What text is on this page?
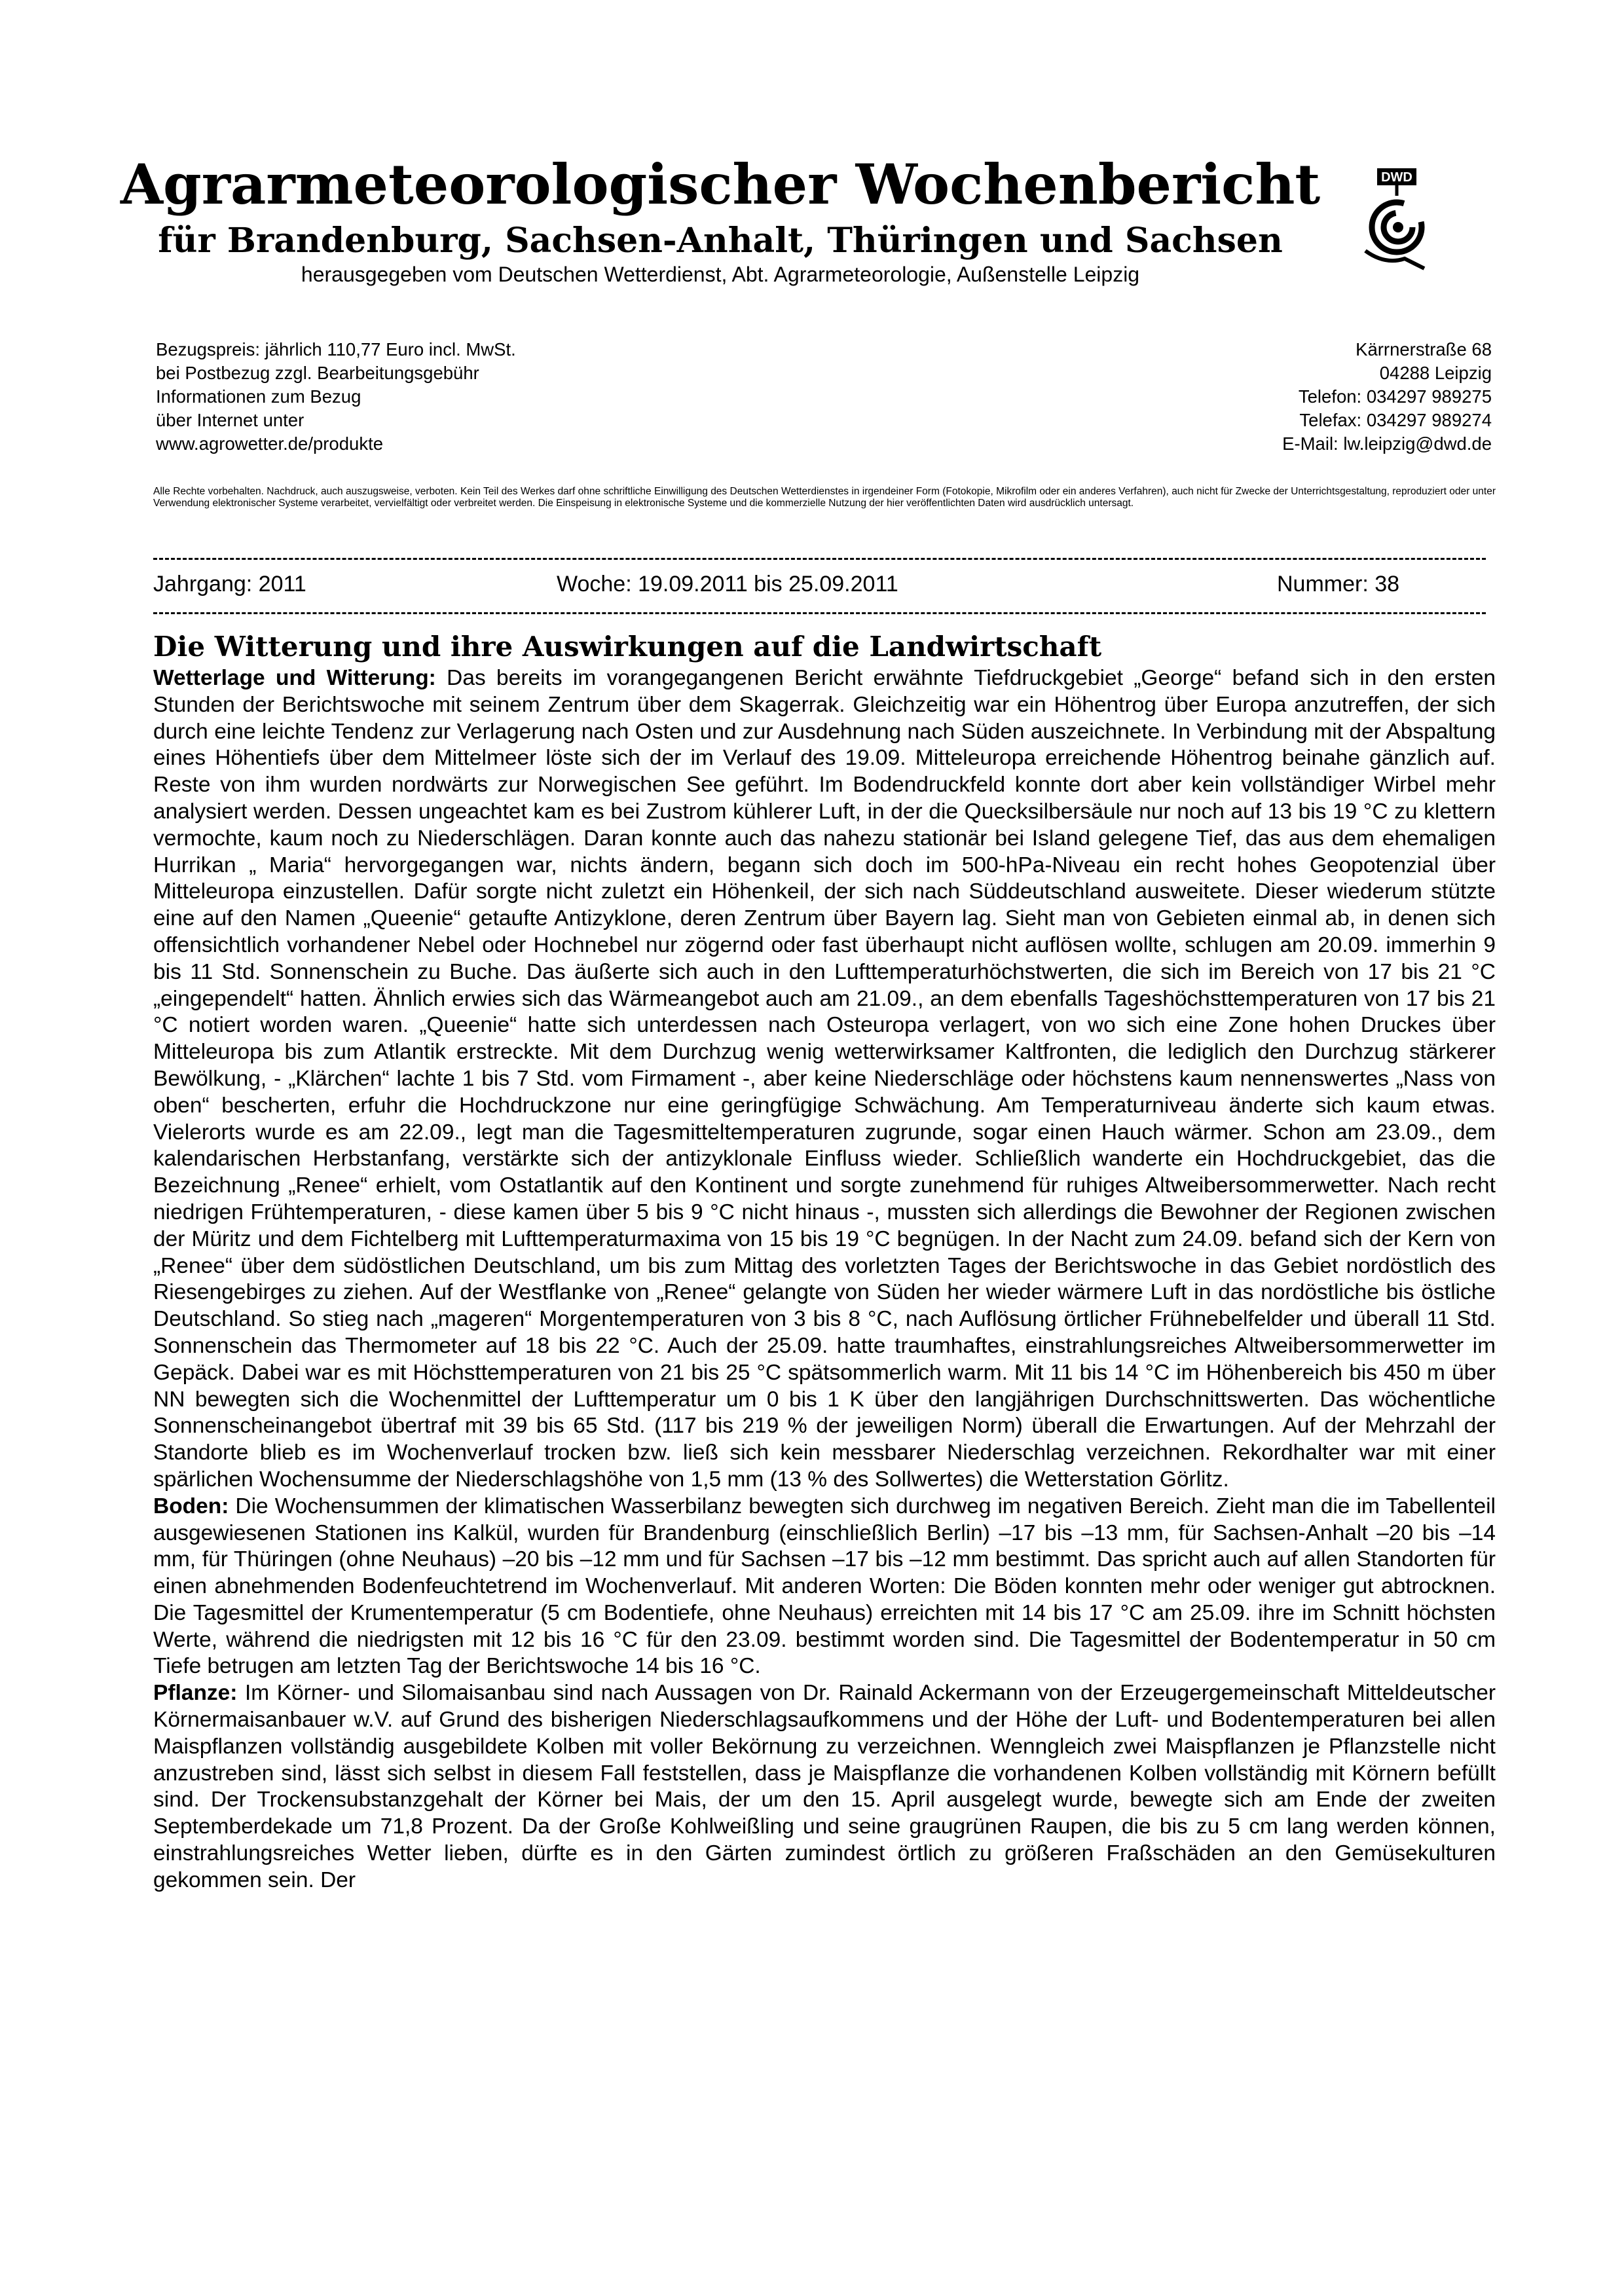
Agrarmeteorologischer Wochenbericht
für Brandenburg, Sachsen-Anhalt, Thüringen und Sachsen
herausgegeben vom Deutschen Wetterdienst, Abt. Agrarmeteorologie, Außenstelle Leipzig
DWD
Bezugspreis: jährlich 110,77 Euro incl. MwSt.
bei Postbezug zzgl. Bearbeitungsgebühr
Informationen zum Bezug
über Internet unter
www.agrowetter.de/produkte
Kärrnerstraße 68
04288 Leipzig
Telefon: 034297 989275
Telefax: 034297 989274
E-Mail: lw.leipzig@dwd.de
Alle Rechte vorbehalten. Nachdruck, auch auszugsweise, verboten. Kein Teil des Werkes darf ohne schriftliche Einwilligung des Deutschen Wetterdienstes in irgendeiner Form (Fotokopie, Mikrofilm oder ein anderes Verfahren), auch nicht für Zwecke der Unterrichtsgestaltung, reproduziert oder unter Verwendung elektronischer Systeme verarbeitet, vervielfältigt oder verbreitet werden. Die Einspeisung in elektronische Systeme und die kommerzielle Nutzung der hier veröffentlichten Daten wird ausdrücklich untersagt.
Jahrgang: 2011	Woche: 19.09.2011 bis 25.09.2011	Nummer: 38
Die Witterung und ihre Auswirkungen auf die Landwirtschaft

Wetterlage und Witterung: Das bereits im vorangegangenen Bericht erwähnte Tiefdruckgebiet „George“ befand sich in den ersten Stunden der Berichtswoche mit seinem Zentrum über dem Skagerrak. Gleichzeitig war ein Höhentrog über Europa anzutreffen, der sich durch eine leichte Tendenz zur Verlagerung nach Osten und zur Ausdehnung nach Süden auszeichnete. In Verbindung mit der Abspaltung eines Höhentiefs über dem Mittelmeer löste sich der im Verlauf des 19.09. Mitteleuropa erreichende Höhentrog beinahe gänzlich auf. Reste von ihm wurden nordwärts zur Norwegischen See geführt. Im Bodendruckfeld konnte dort aber kein vollständiger Wirbel mehr analysiert werden. Dessen ungeachtet kam es bei Zustrom kühlerer Luft, in der die Quecksilbersäule nur noch auf 13 bis 19 °C zu klettern vermochte, kaum noch zu Niederschlägen. Daran konnte auch das nahezu stationär bei Island gelegene Tief, das aus dem ehemaligen Hurrikan „ Maria“ hervorgegangen war, nichts ändern, begann sich doch im 500-hPa-Niveau ein recht hohes Geopotenzial über Mitteleuropa einzustellen. Dafür sorgte nicht zuletzt ein Höhenkeil, der sich nach Süddeutschland ausweitete. Dieser wiederum stützte eine auf den Namen „Queenie“ getaufte Antizyklone, deren Zentrum über Bayern lag. Sieht man von Gebieten einmal ab, in denen sich offensichtlich vorhandener Nebel oder Hochnebel nur zögernd oder fast überhaupt nicht auflösen wollte, schlugen am 20.09. immerhin 9 bis 11 Std. Sonnenschein zu Buche. Das äußerte sich auch in den Lufttemperaturhöchstwerten, die sich im Bereich von 17 bis 21 °C „eingependelt“ hatten. Ähnlich erwies sich das Wärmeangebot auch am 21.09., an dem ebenfalls Tageshöchsttemperaturen von 17 bis 21 °C notiert worden waren. „Queenie“ hatte sich unterdessen nach Osteuropa verlagert, von wo sich eine Zone hohen Druckes über Mitteleuropa bis zum Atlantik erstreckte. Mit dem Durchzug wenig wetterwirksamer Kaltfronten, die lediglich den Durchzug stärkerer Bewölkung, - „Klärchen“ lachte 1 bis 7 Std. vom Firmament -, aber keine Niederschläge oder höchstens kaum nennenswertes „Nass von oben“ bescherten, erfuhr die Hochdruckzone nur eine geringfügige Schwächung. Am Temperaturniveau änderte sich kaum etwas. Vielerorts wurde es am 22.09., legt man die Tagesmitteltemperaturen zugrunde, sogar einen Hauch wärmer. Schon am 23.09., dem kalendarischen Herbstanfang, verstärkte sich der antizyklonale Einfluss wieder. Schließlich wanderte ein Hochdruckgebiet, das die Bezeichnung „Renee“ erhielt, vom Ostatlantik auf den Kontinent und sorgte zunehmend für ruhiges Altweibersommerwetter. Nach recht niedrigen Frühtemperaturen, - diese kamen über 5 bis 9 °C nicht hinaus -, mussten sich allerdings die Bewohner der Regionen zwischen der Müritz und dem Fichtelberg mit Lufttemperaturmaxima von 15 bis 19 °C begnügen. In der Nacht zum 24.09. befand sich der Kern von „Renee“ über dem südöstlichen Deutschland, um bis zum Mittag des vorletzten Tages der Berichtswoche in das Gebiet nordöstlich des Riesengebirges zu ziehen. Auf der Westflanke von „Renee“ gelangte von Süden her wieder wärmere Luft in das nordöstliche bis östliche Deutschland. So stieg nach „mageren“ Morgentemperaturen von 3 bis 8 °C, nach Auflösung örtlicher Frühnebelfelder und überall 11 Std. Sonnenschein das Thermometer auf 18 bis 22 °C. Auch der 25.09. hatte traumhaftes, einstrahlungsreiches Altweibersommerwetter im Gepäck. Dabei war es mit Höchsttemperaturen von 21 bis 25 °C spätsommerlich warm. Mit 11 bis 14 °C im Höhenbereich bis 450 m über NN bewegten sich die Wochenmittel der Lufttemperatur um 0 bis 1 K über den langjährigen Durchschnittswerten. Das wöchentliche Sonnenscheinangebot übertraf mit 39 bis 65 Std. (117 bis 219 % der jeweiligen Norm) überall die Erwartungen. Auf der Mehrzahl der Standorte blieb es im Wochenverlauf trocken bzw. ließ sich kein messbarer Niederschlag verzeichnen. Rekordhalter war mit einer spärlichen Wochensumme der Niederschlagshöhe von 1,5 mm (13 % des Sollwertes) die Wetterstation Görlitz.

Boden: Die Wochensummen der klimatischen Wasserbilanz bewegten sich durchweg im negativen Bereich. Zieht man die im Tabellenteil ausgewiesenen Stationen ins Kalkül, wurden für Brandenburg (einschließlich Berlin) –17 bis –13 mm, für Sachsen-Anhalt –20 bis –14 mm, für Thüringen (ohne Neuhaus) –20 bis –12 mm und für Sachsen –17 bis –12 mm bestimmt. Das spricht auch auf allen Standorten für einen abnehmenden Bodenfeuchtetrend im Wochenverlauf. Mit anderen Worten: Die Böden konnten mehr oder weniger gut abtrocknen. Die Tagesmittel der Krumentemperatur (5 cm Bodentiefe, ohne Neuhaus) erreichten mit 14 bis 17 °C am 25.09. ihre im Schnitt höchsten Werte, während die niedrigsten mit 12 bis 16 °C für den 23.09. bestimmt worden sind. Die Tagesmittel der Bodentemperatur in 50 cm Tiefe betrugen am letzten Tag der Berichtswoche 14 bis 16 °C.

Pflanze: Im Körner- und Silomaisanbau sind nach Aussagen von Dr. Rainald Ackermann von der Erzeugergemeinschaft Mitteldeutscher Körnermaisanbauer w.V. auf Grund des bisherigen Niederschlagsaufkommens und der Höhe der Luft- und Bodentemperaturen bei allen Maispflanzen vollständig ausgebildete Kolben mit voller Bekörnung zu verzeichnen. Wenngleich zwei Maispflanzen je Pflanzstelle nicht anzustreben sind, lässt sich selbst in diesem Fall feststellen, dass je Maispflanze die vorhandenen Kolben vollständig mit Körnern befüllt sind. Der Trockensubstanzgehalt der Körner bei Mais, der um den 15. April ausgelegt wurde, bewegte sich am Ende der zweiten Septemberdekade um 71,8 Prozent. Da der Große Kohlweißling und seine graugrünen Raupen, die bis zu 5 cm lang werden können, einstrahlungsreiches Wetter lieben, dürfte es in den Gärten zumindest örtlich zu größeren Fraßschäden an den Gemüsekulturen gekommen sein. Der
